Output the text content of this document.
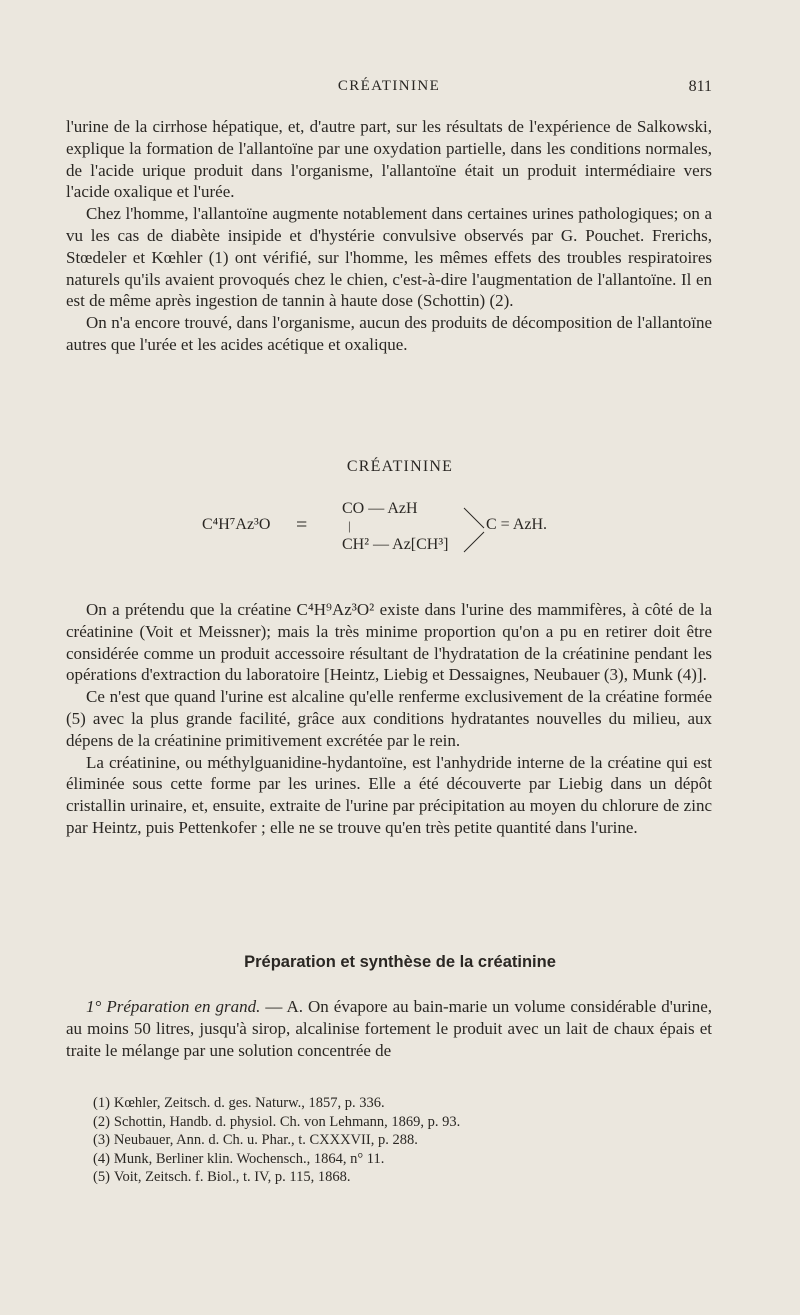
CRÉATININE	811

l'urine de la cirrhose hépatique, et, d'autre part, sur les résultats de l'expérience de Salkowski, explique la formation de l'allantoïne par une oxydation partielle, dans les conditions normales, de l'acide urique produit dans l'organisme, l'allantoïne était un produit intermédiaire vers l'acide oxalique et l'urée.

Chez l'homme, l'allantoïne augmente notablement dans certaines urines pathologiques; on a vu les cas de diabète insipide et d'hystérie convulsive observés par G. Pouchet. Frerichs, Stœdeler et Kœhler (1) ont vérifié, sur l'homme, les mêmes effets des troubles respiratoires naturels qu'ils avaient provoqués chez le chien, c'est-à-dire l'augmentation de l'allantoïne. Il en est de même après ingestion de tannin à haute dose (Schottin) (2).

On n'a encore trouvé, dans l'organisme, aucun des produits de décomposition de l'allantoïne autres que l'urée et les acides acétique et oxalique.

CRÉATININE
C⁴H⁷Az³O =
CO — AzH
|
CH² — Az[CH³]
C = AzH.

On a prétendu que la créatine C⁴H⁹Az³O² existe dans l'urine des mammifères, à côté de la créatinine (Voit et Meissner); mais la très minime proportion qu'on a pu en retirer doit être considérée comme un produit accessoire résultant de l'hydratation de la créatinine pendant les opérations d'extraction du laboratoire [Heintz, Liebig et Dessaignes, Neubauer (3), Munk (4)].

Ce n'est que quand l'urine est alcaline qu'elle renferme exclusivement de la créatine formée (5) avec la plus grande facilité, grâce aux conditions hydratantes nouvelles du milieu, aux dépens de la créatinine primitivement excrétée par le rein.

La créatinine, ou méthylguanidine-hydantoïne, est l'anhydride interne de la créatine qui est éliminée sous cette forme par les urines. Elle a été découverte par Liebig dans un dépôt cristallin urinaire, et, ensuite, extraite de l'urine par précipitation au moyen du chlorure de zinc par Heintz, puis Pettenkofer ; elle ne se trouve qu'en très petite quantité dans l'urine.

Préparation et synthèse de la créatinine

1° Préparation en grand. — A. On évapore au bain-marie un volume considérable d'urine, au moins 50 litres, jusqu'à sirop, alcalinise fortement le produit avec un lait de chaux épais et traite le mélange par une solution concentrée de

(1) Kœhler, Zeitsch. d. ges. Naturw., 1857, p. 336.
(2) Schottin, Handb. d. physiol. Ch. von Lehmann, 1869, p. 93.
(3) Neubauer, Ann. d. Ch. u. Phar., t. CXXXVII, p. 288.
(4) Munk, Berliner klin. Wochensch., 1864, n° 11.
(5) Voit, Zeitsch. f. Biol., t. IV, p. 115, 1868.
